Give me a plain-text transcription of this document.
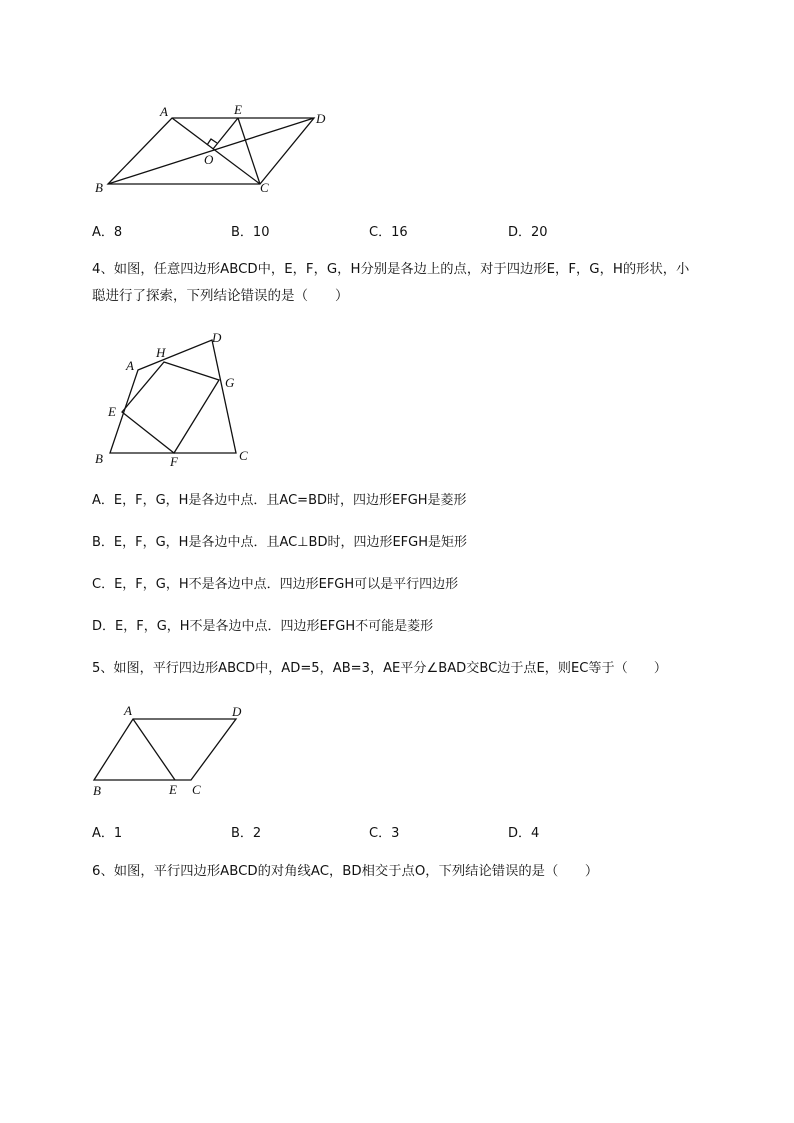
A	E
D
O
B	C
A．8	B．10	C．16	D．20
4、如图，任意四边形ABCD中，E，F，G，H分别是各边上的点，对于四边形E，F，G，H的形状，小
聪进行了探索，下列结论错误的是（　　）
A
H
D
G
E
B	F	C
A．E，F，G，H是各边中点．且AC=BD时，四边形EFGH是菱形
B．E，F，G，H是各边中点．且AC⊥BD时，四边形EFGH是矩形
C．E，F，G，H不是各边中点．四边形EFGH可以是平行四边形
D．E，F，G，H不是各边中点．四边形EFGH不可能是菱形
5、如图，平行四边形ABCD中，AD=5，AB=3，AE平分∠BAD交BC边于点E，则EC等于（　　）
A	D
B	E C
A．1	B．2	C．3	D．4
6、如图，平行四边形ABCD的对角线AC，BD相交于点O，下列结论错误的是（　　）
